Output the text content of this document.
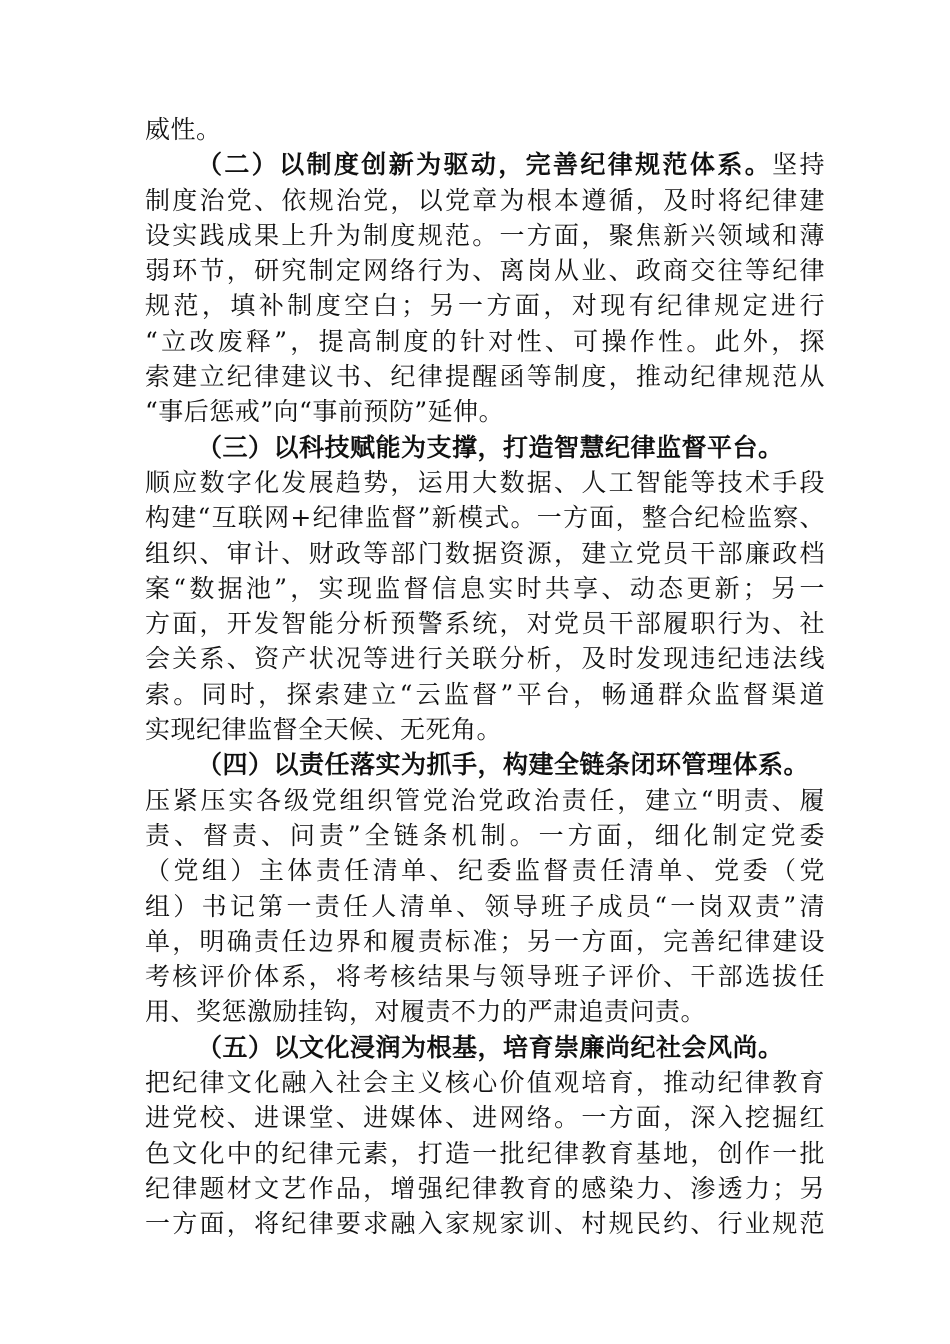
威性。
（二）以制度创新为驱动，完善纪律规范体系。坚持
制度治党、依规治党，以党章为根本遵循，及时将纪律建
设实践成果上升为制度规范。一方面，聚焦新兴领域和薄
弱环节，研究制定网络行为、离岗从业、政商交往等纪律
规范，填补制度空白；另一方面，对现有纪律规定进行
“立改废释”，提高制度的针对性、可操作性。此外，探
索建立纪律建议书、纪律提醒函等制度，推动纪律规范从
“事后惩戒”向“事前预防”延伸。
（三）以科技赋能为支撑，打造智慧纪律监督平台。
顺应数字化发展趋势，运用大数据、人工智能等技术手段
构建“互联网+纪律监督”新模式。一方面，整合纪检监察、
组织、审计、财政等部门数据资源，建立党员干部廉政档
案“数据池”，实现监督信息实时共享、动态更新；另一
方面，开发智能分析预警系统，对党员干部履职行为、社
会关系、资产状况等进行关联分析，及时发现违纪违法线
索。同时，探索建立“云监督”平台，畅通群众监督渠道
实现纪律监督全天候、无死角。
（四）以责任落实为抓手，构建全链条闭环管理体系。
压紧压实各级党组织管党治党政治责任，建立“明责、履
责、督责、问责”全链条机制。一方面，细化制定党委
（党组）主体责任清单、纪委监督责任清单、党委（党
组）书记第一责任人清单、领导班子成员“一岗双责”清
单，明确责任边界和履责标准；另一方面，完善纪律建设
考核评价体系，将考核结果与领导班子评价、干部选拔任
用、奖惩激励挂钩，对履责不力的严肃追责问责。
（五）以文化浸润为根基，培育崇廉尚纪社会风尚。
把纪律文化融入社会主义核心价值观培育，推动纪律教育
进党校、进课堂、进媒体、进网络。一方面，深入挖掘红
色文化中的纪律元素，打造一批纪律教育基地，创作一批
纪律题材文艺作品，增强纪律教育的感染力、渗透力；另
一方面，将纪律要求融入家规家训、村规民约、行业规范
